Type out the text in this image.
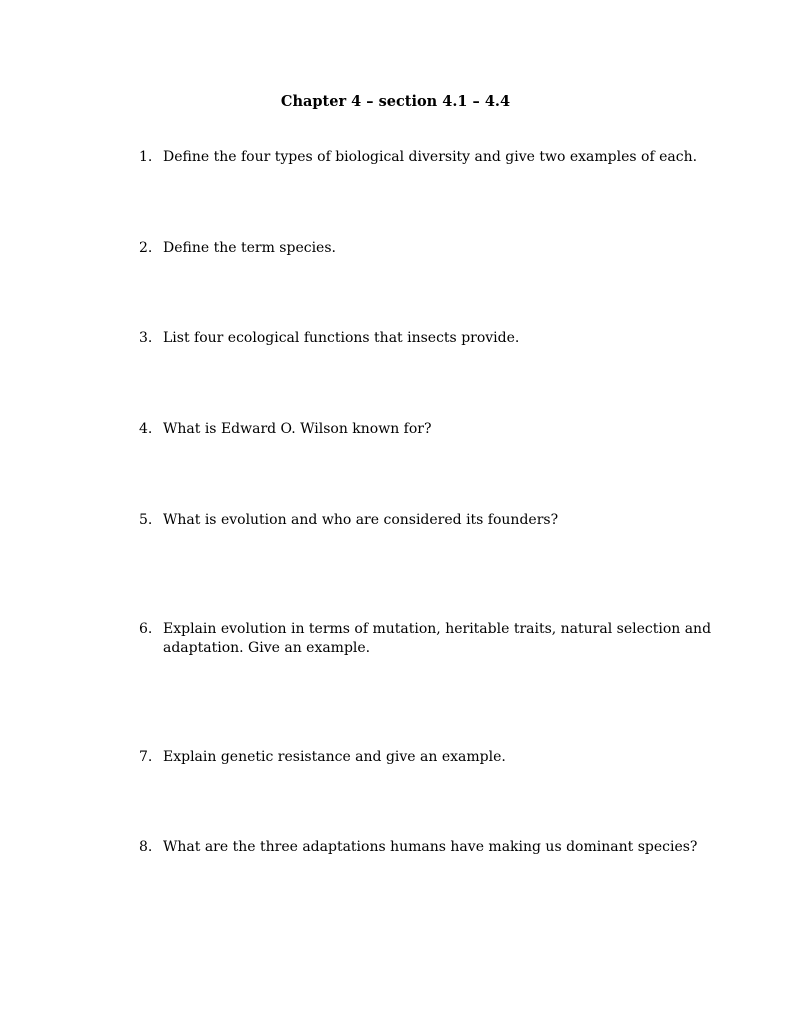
Chapter 4 – section 4.1 – 4.4
1. Define the four types of biological diversity and give two examples of each.
2. Define the term species.
3. List four ecological functions that insects provide.
4. What is Edward O. Wilson known for?
5. What is evolution and who are considered its founders?
6. Explain evolution in terms of mutation, heritable traits, natural selection and
adaptation. Give an example.
7. Explain genetic resistance and give an example.
8. What are the three adaptations humans have making us dominant species?
